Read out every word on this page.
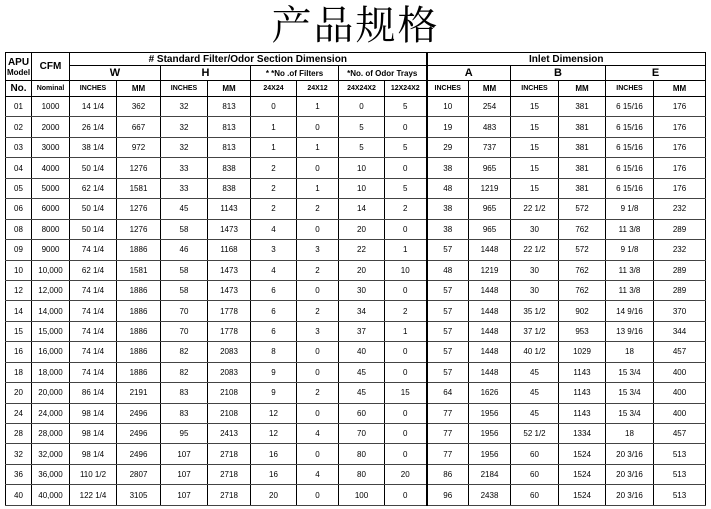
产品规格
APU
Model	CFM	# Standard Filter/Odor Section Dimension								Inlet Dimension					
		W		H		* *No .of Filters		*No. of Odor Trays		A		B		E	
No.	Nominal	INCHES	MM	INCHES	MM	24X24	24X12	24X24X2	12X24X2	INCHES	MM	INCHES	MM	INCHES	MM
01	1000	14 1/4	362	32	813	0	1	0	5	10	254	15	381	6 15/16	176
02	2000	26 1/4	667	32	813	1	0	5	0	19	483	15	381	6 15/16	176
03	3000	38 1/4	972	32	813	1	1	5	5	29	737	15	381	6 15/16	176
04	4000	50 1/4	1276	33	838	2	0	10	0	38	965	15	381	6 15/16	176
05	5000	62 1/4	1581	33	838	2	1	10	5	48	1219	15	381	6 15/16	176
06	6000	50 1/4	1276	45	1143	2	2	14	2	38	965	22 1/2	572	9 1/8	232
08	8000	50 1/4	1276	58	1473	4	0	20	0	38	965	30	762	11 3/8	289
09	9000	74 1/4	1886	46	1168	3	3	22	1	57	1448	22 1/2	572	9 1/8	232
10	10,000	62 1/4	1581	58	1473	4	2	20	10	48	1219	30	762	11 3/8	289
12	12,000	74 1/4	1886	58	1473	6	0	30	0	57	1448	30	762	11 3/8	289
14	14,000	74 1/4	1886	70	1778	6	2	34	2	57	1448	35 1/2	902	14 9/16	370
15	15,000	74 1/4	1886	70	1778	6	3	37	1	57	1448	37 1/2	953	13 9/16	344
16	16,000	74 1/4	1886	82	2083	8	0	40	0	57	1448	40 1/2	1029	18	457
18	18,000	74 1/4	1886	82	2083	9	0	45	0	57	1448	45	1143	15 3/4	400
20	20,000	86 1/4	2191	83	2108	9	2	45	15	64	1626	45	1143	15 3/4	400
24	24,000	98 1/4	2496	83	2108	12	0	60	0	77	1956	45	1143	15 3/4	400
28	28,000	98 1/4	2496	95	2413	12	4	70	0	77	1956	52 1/2	1334	18	457
32	32,000	98 1/4	2496	107	2718	16	0	80	0	77	1956	60	1524	20 3/16	513
36	36,000	110 1/2	2807	107	2718	16	4	80	20	86	2184	60	1524	20 3/16	513
40	40,000	122 1/4	3105	107	2718	20	0	100	0	96	2438	60	1524	20 3/16	513
